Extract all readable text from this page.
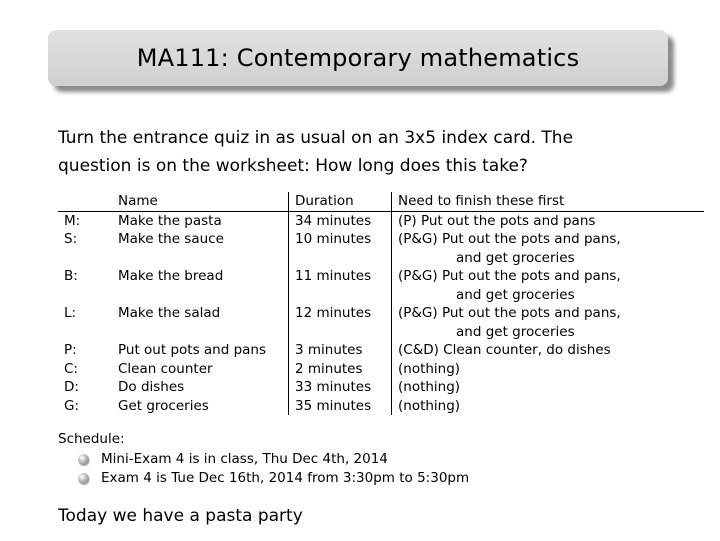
MA111: Contemporary mathematics
Turn the entrance quiz in as usual on an 3x5 index card. The
question is on the worksheet: How long does this take?
	Name	Duration	Need to finish these first
M:	Make the pasta	34 minutes	(P) Put out the pots and pans
S:	Make the sauce	10 minutes	(P&G) Put out the pots and pans,
			and get groceries
B:	Make the bread	11 minutes	(P&G) Put out the pots and pans,
			and get groceries
L:	Make the salad	12 minutes	(P&G) Put out the pots and pans,
			and get groceries
P:	Put out pots and pans	3 minutes	(C&D) Clean counter, do dishes
C:	Clean counter	2 minutes	(nothing)
D:	Do dishes	33 minutes	(nothing)
G:	Get groceries	35 minutes	(nothing)
Schedule:
Mini-Exam 4 is in class, Thu Dec 4th, 2014
Exam 4 is Tue Dec 16th, 2014 from 3:30pm to 5:30pm
Today we have a pasta party
